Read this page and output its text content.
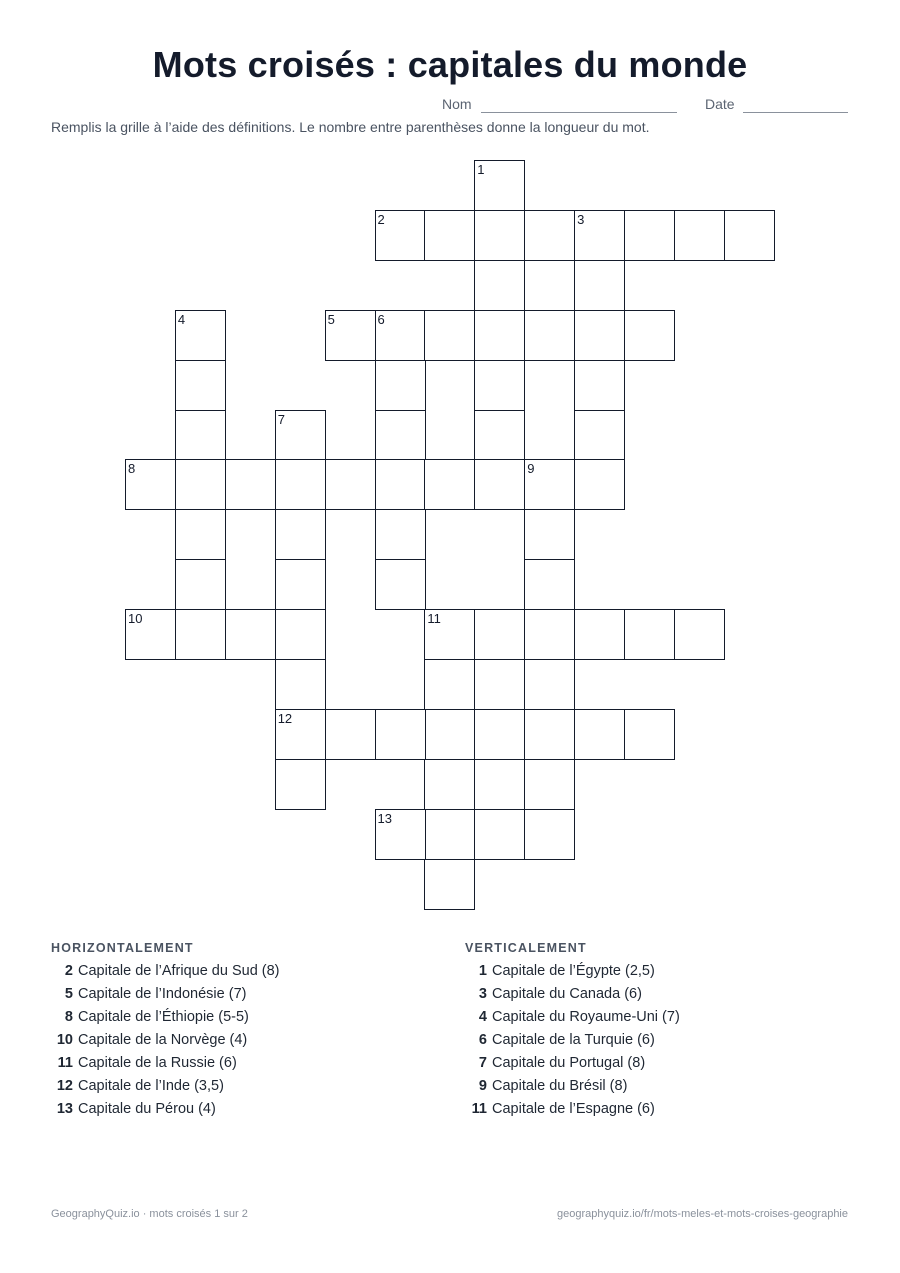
Mots croisés : capitales du monde
Nom	Date
Remplis la grille à l’aide des définitions. Le nombre entre parenthèses donne la longueur du mot.
1
2	3
4	5	6
7
12
8	9
10	11
13
HORIZONTALEMENT
2 Capitale de l’Afrique du Sud (8)
5 Capitale de l’Indonésie (7)
8 Capitale de l’Éthiopie (5-5)
10 Capitale de la Norvège (4)
11 Capitale de la Russie (6)
12 Capitale de l’Inde (3,5)
13 Capitale du Pérou (4)
VERTICALEMENT
1 Capitale de l’Égypte (2,5)
3 Capitale du Canada (6)
4 Capitale du Royaume-Uni (7)
6 Capitale de la Turquie (6)
7 Capitale du Portugal (8)
9 Capitale du Brésil (8)
11 Capitale de l’Espagne (6)
GeographyQuiz.io · mots croisés 1 sur 2	geographyquiz.io/fr/mots-meles-et-mots-croises-geographie
